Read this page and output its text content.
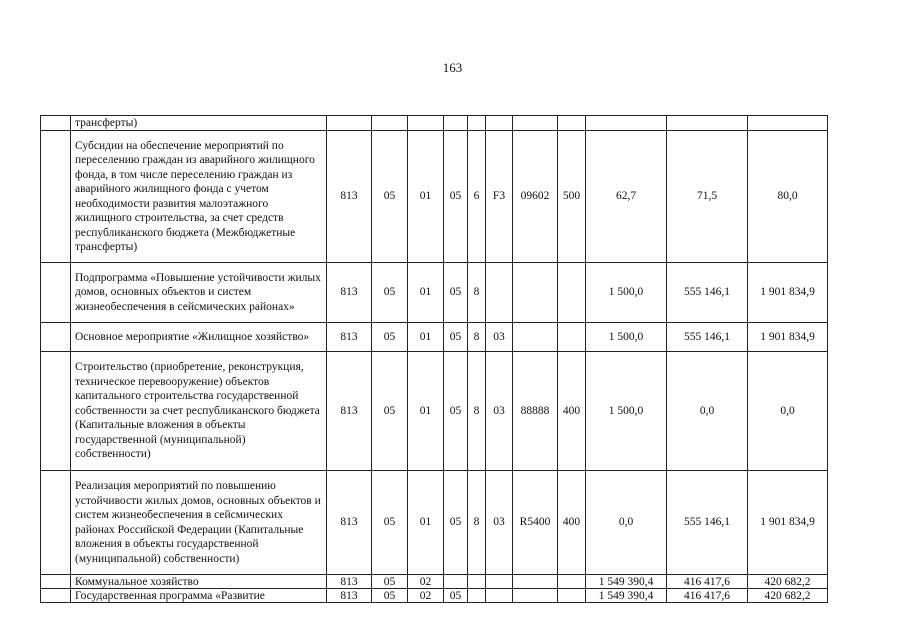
163
	трансферты)											
	Субсидии на обеспечение мероприятий по переселению граждан из аварийного жилищного фонда, в том числе переселению граждан из аварийного жилищного фонда с учетом необходимости развития малоэтажного жилищного строительства, за счет средств республиканского бюджета (Межбюджетные трансферты)	813	05	01	05	6	F3	09602	500	62,7	71,5	80,0
	Подпрограмма «Повышение устойчивости жилых домов, основных объектов и систем жизнеобеспечения в сейсмических районах»	813	05	01	05	8				1 500,0	555 146,1	1 901 834,9
	Основное мероприятие «Жилищное хозяйство»	813	05	01	05	8	03			1 500,0	555 146,1	1 901 834,9
	Строительство (приобретение, реконструкция, техническое перевооружение) объектов капитального строительства государственной собственности за счет республиканского бюджета (Капитальные вложения в объекты государственной (муниципальной) собственности)	813	05	01	05	8	03	88888	400	1 500,0	0,0	0,0
	Реализация мероприятий по повышению устойчивости жилых домов, основных объектов и систем жизнеобеспечения в сейсмических районах Российской Федерации (Капитальные вложения в объекты государственной (муниципальной) собственности)	813	05	01	05	8	03	R5400	400	0,0	555 146,1	1 901 834,9
	Коммунальное хозяйство	813	05	02						1 549 390,4	416 417,6	420 682,2
	Государственная программа «Развитие	813	05	02	05					1 549 390,4	416 417,6	420 682,2
